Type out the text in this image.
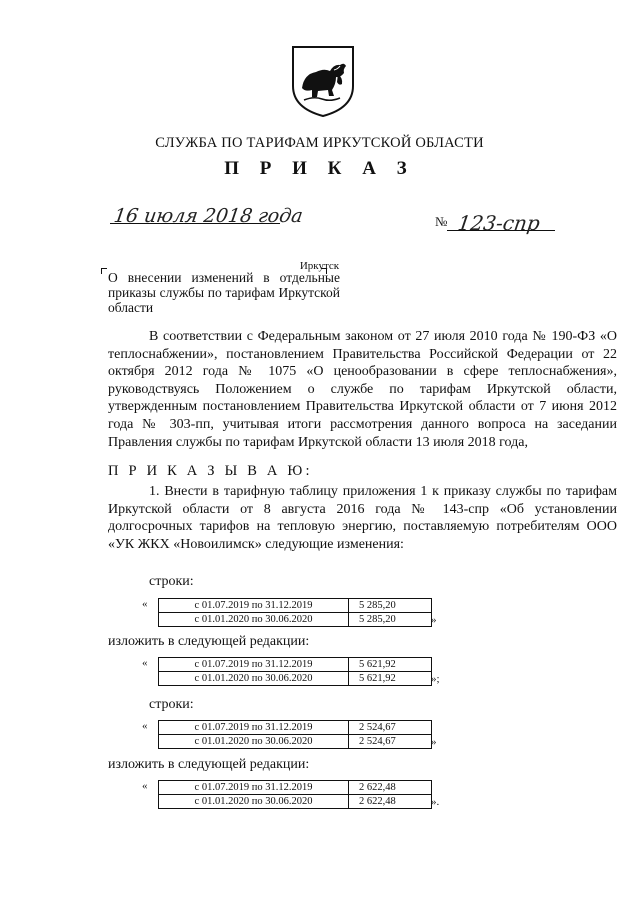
СЛУЖБА ПО ТАРИФАМ ИРКУТСКОЙ ОБЛАСТИ
П Р И К А З
16 июля 2018 года	№ 123-спр
Иркутск
О внесении изменений в отдельные приказы службы по тарифам Иркутской области
В соответствии с Федеральным законом от 27 июля 2010 года № 190-ФЗ «О теплоснабжении», постановлением Правительства Российской Федерации от 22 октября 2012 года № 1075 «О ценообразовании в сфере теплоснабжения», руководствуясь Положением о службе по тарифам Иркутской области, утвержденным постановлением Правительства Иркутской области от 7 июня 2012 года № 303-пп, учитывая итоги рассмотрения данного вопроса на заседании Правления службы по тарифам Иркутской области 13 июля 2018 года,
П Р И К А З Ы В А Ю:
1. Внести в тарифную таблицу приложения 1 к приказу службы по тарифам Иркутской области от 8 августа 2016 года № 143-спр «Об установлении долгосрочных тарифов на тепловую энергию, поставляемую потребителям ООО «УК ЖКХ «Новоилимск» следующие изменения:
строки:
«	с 01.07.2019 по 31.12.2019	5 285,20
с 01.01.2020 по 30.06.2020	5 285,20	»
изложить в следующей редакции:
«	с 01.07.2019 по 31.12.2019	5 621,92
с 01.01.2020 по 30.06.2020	5 621,92	»;
строки:
«	с 01.07.2019 по 31.12.2019	2 524,67
с 01.01.2020 по 30.06.2020	2 524,67	»
изложить в следующей редакции:
«	с 01.07.2019 по 31.12.2019	2 622,48
с 01.01.2020 по 30.06.2020	2 622,48	».
